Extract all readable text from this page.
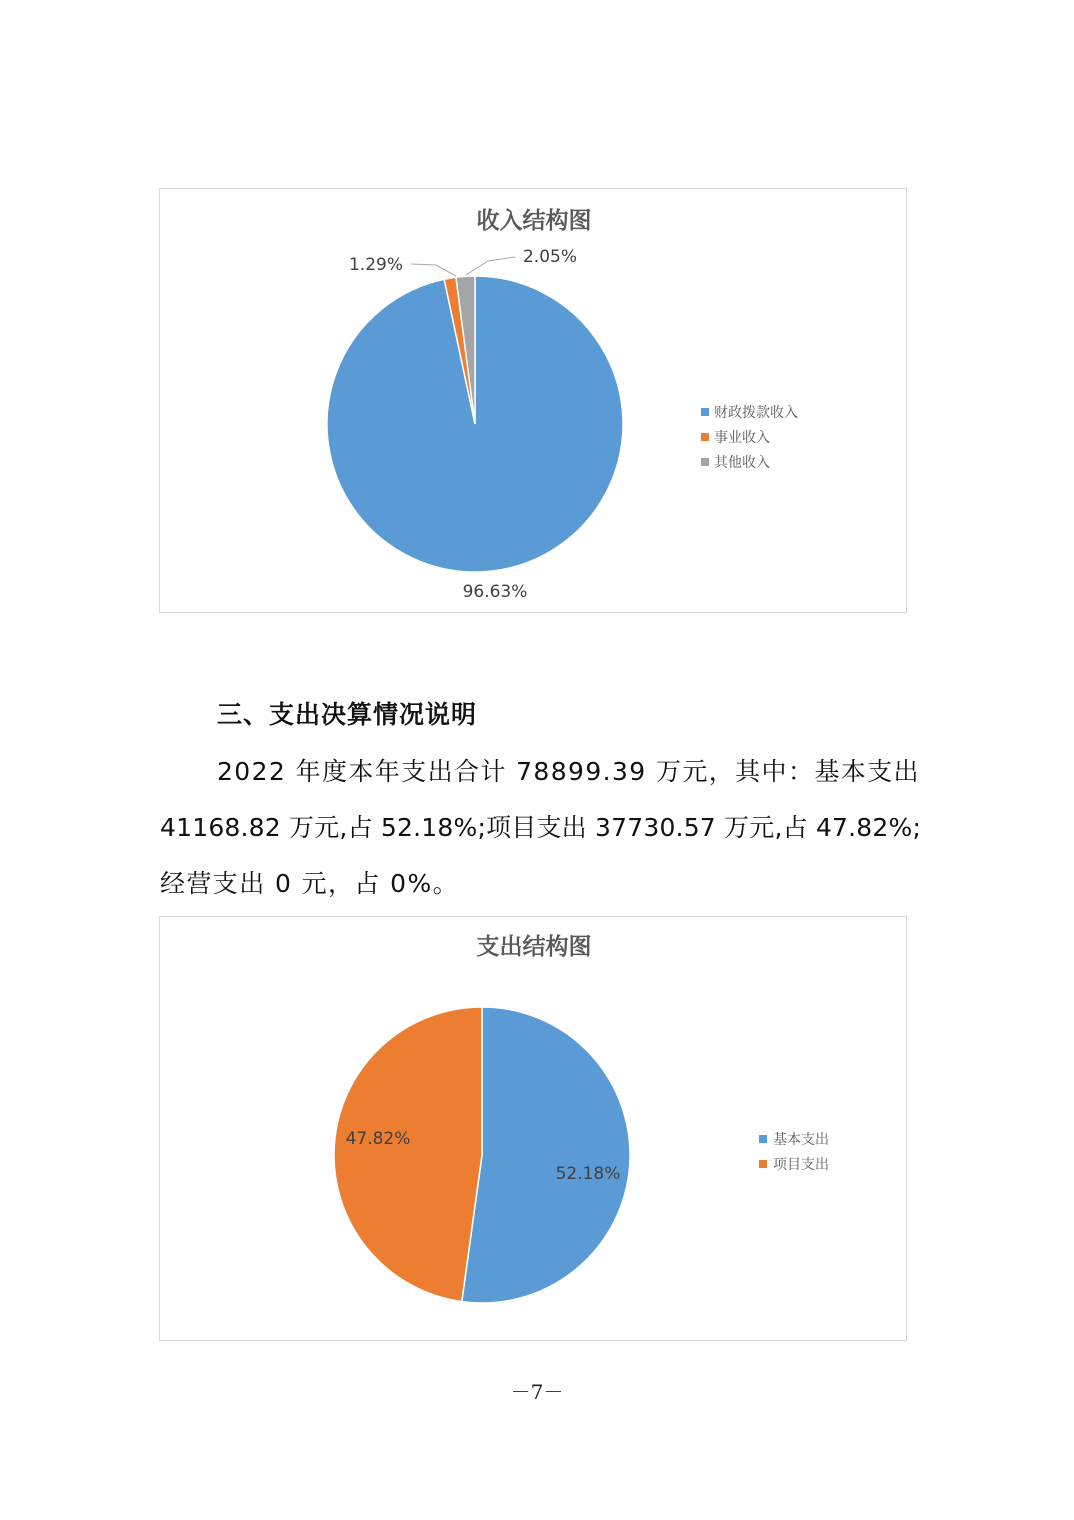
收入结构图
1.29%	2.05%
96.63%
财政拨款收入
事业收入
其他收入
三、支出决算情况说明

2022 年度本年支出合计 78899.39 万元，其中：基本支出

41168.82 万元,占 52.18%;项目支出 37730.57 万元,占 47.82%;

经营支出 0 元，占 0%。

支出结构图
52.18%
47.82%	基本支出
项目支出

－7－
